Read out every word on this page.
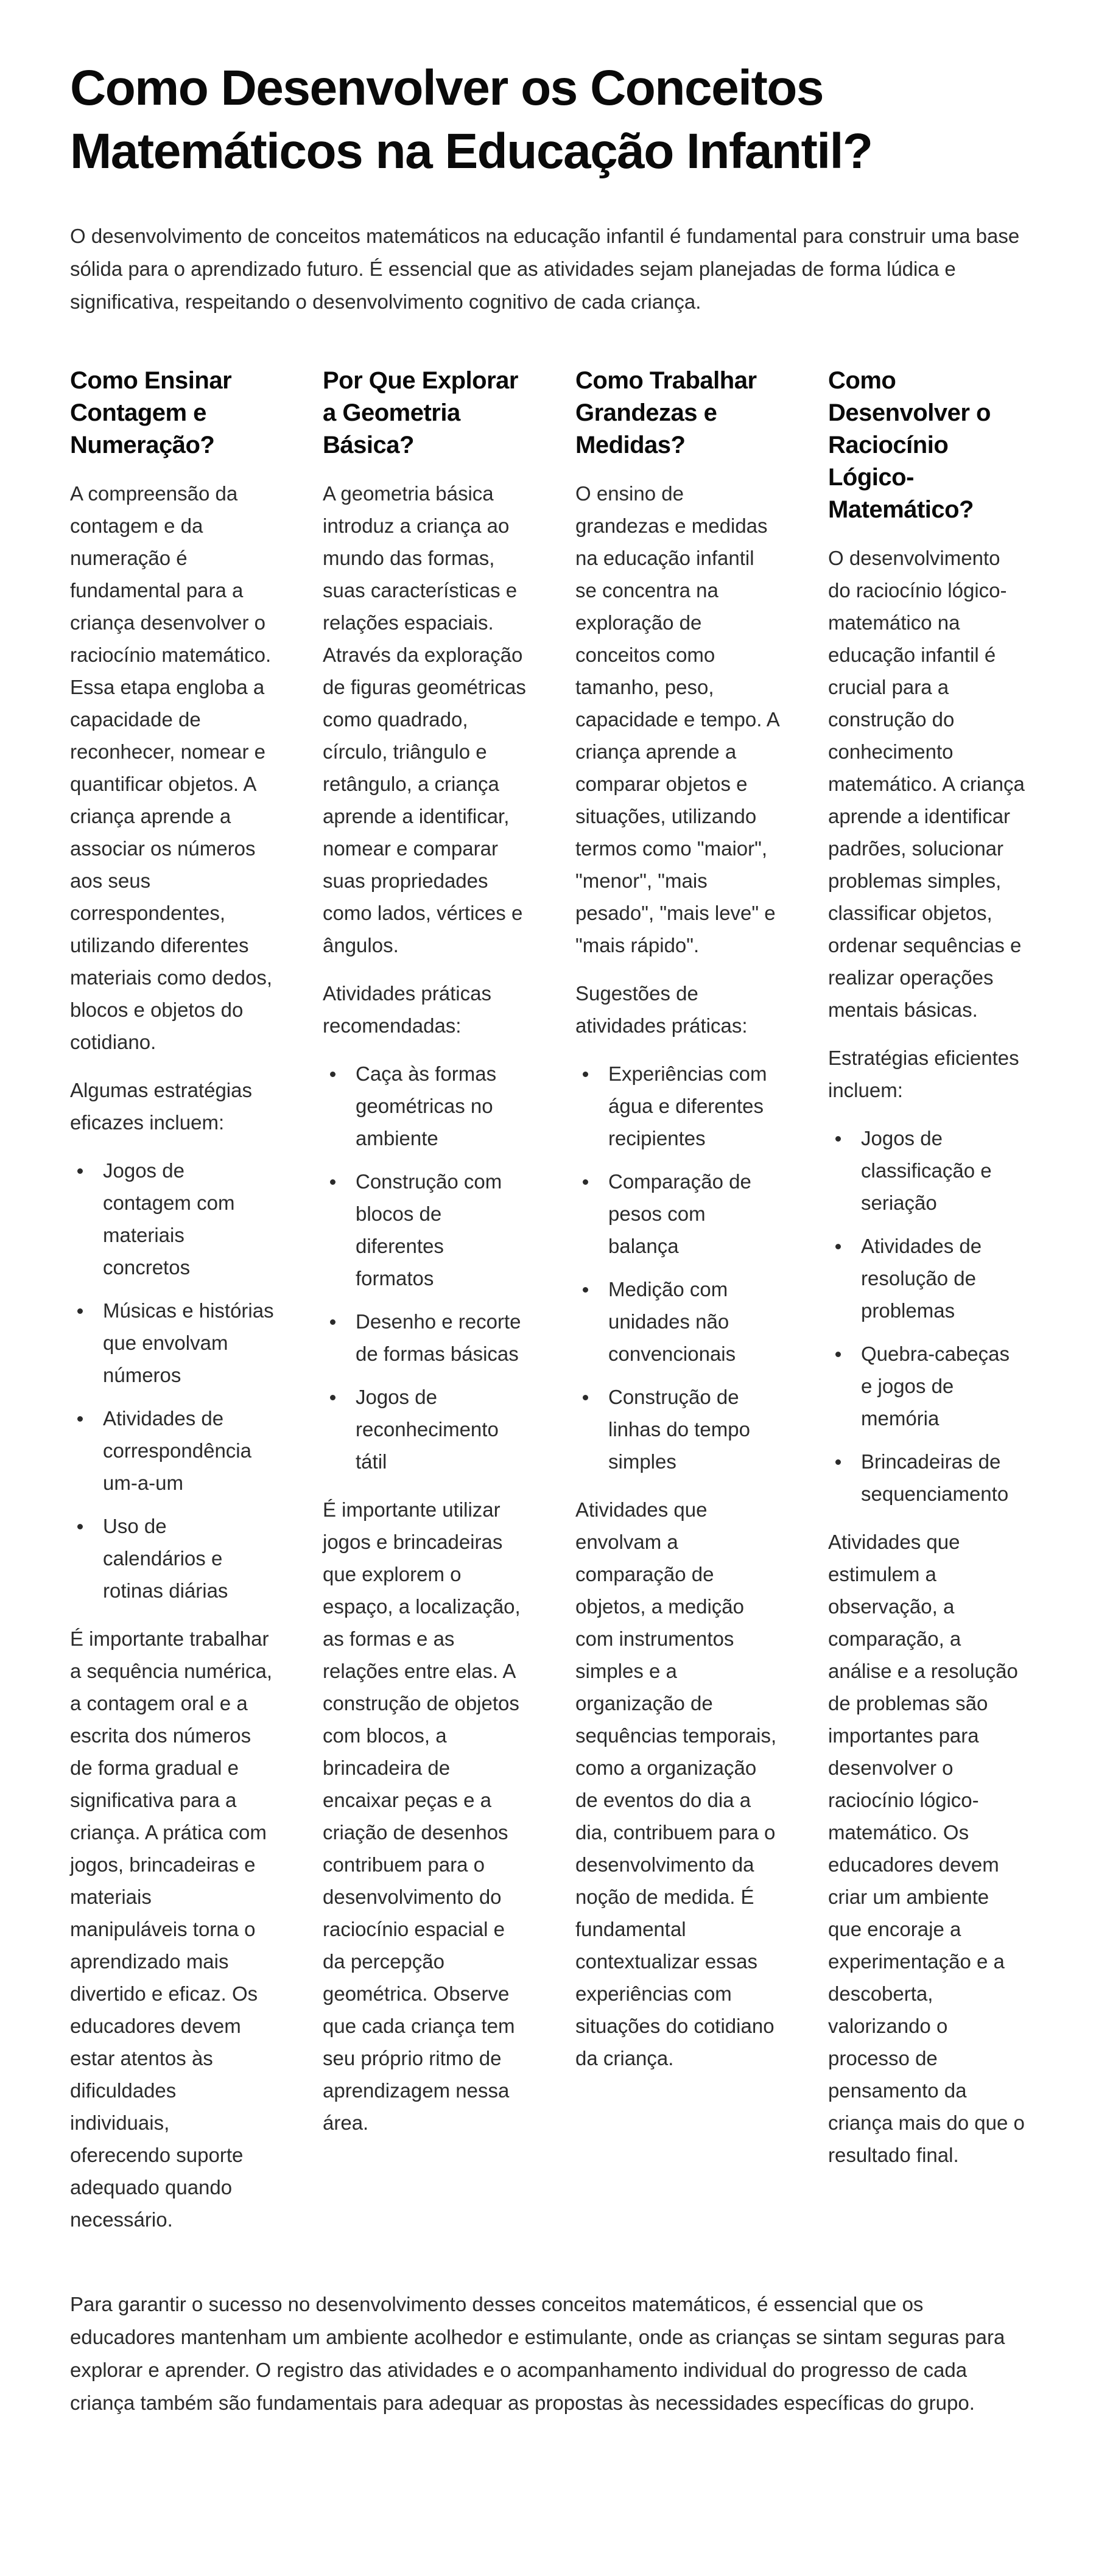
Como Desenvolver os Conceitos Matemáticos na Educação Infantil?

O desenvolvimento de conceitos matemáticos na educação infantil é fundamental para construir uma base sólida para o aprendizado futuro. É essencial que as atividades sejam planejadas de forma lúdica e significativa, respeitando o desenvolvimento cognitivo de cada criança.

Como Ensinar Contagem e Numeração?

A compreensão da contagem e da numeração é fundamental para a criança desenvolver o raciocínio matemático. Essa etapa engloba a capacidade de reconhecer, nomear e quantificar objetos. A criança aprende a associar os números aos seus correspondentes, utilizando diferentes materiais como dedos, blocos e objetos do cotidiano.

Algumas estratégias eficazes incluem:

Jogos de contagem com materiais concretos
Músicas e histórias que envolvam números
Atividades de correspondência um-a-um
Uso de calendários e rotinas diárias

É importante trabalhar a sequência numérica, a contagem oral e a escrita dos números de forma gradual e significativa para a criança. A prática com jogos, brincadeiras e materiais manipuláveis torna o aprendizado mais divertido e eficaz. Os educadores devem estar atentos às dificuldades individuais, oferecendo suporte adequado quando necessário.

Por Que Explorar a Geometria Básica?

A geometria básica introduz a criança ao mundo das formas, suas características e relações espaciais. Através da exploração de figuras geométricas como quadrado, círculo, triângulo e retângulo, a criança aprende a identificar, nomear e comparar suas propriedades como lados, vértices e ângulos.

Atividades práticas recomendadas:

Caça às formas geométricas no ambiente
Construção com blocos de diferentes formatos
Desenho e recorte de formas básicas
Jogos de reconhecimento tátil

É importante utilizar jogos e brincadeiras que explorem o espaço, a localização, as formas e as relações entre elas. A construção de objetos com blocos, a brincadeira de encaixar peças e a criação de desenhos contribuem para o desenvolvimento do raciocínio espacial e da percepção geométrica. Observe que cada criança tem seu próprio ritmo de aprendizagem nessa área.

Como Trabalhar Grandezas e Medidas?

O ensino de grandezas e medidas na educação infantil se concentra na exploração de conceitos como tamanho, peso, capacidade e tempo. A criança aprende a comparar objetos e situações, utilizando termos como "maior", "menor", "mais pesado", "mais leve" e "mais rápido".

Sugestões de atividades práticas:

Experiências com água e diferentes recipientes
Comparação de pesos com balança
Medição com unidades não convencionais
Construção de linhas do tempo simples

Atividades que envolvam a comparação de objetos, a medição com instrumentos simples e a organização de sequências temporais, como a organização de eventos do dia a dia, contribuem para o desenvolvimento da noção de medida. É fundamental contextualizar essas experiências com situações do cotidiano da criança.

Como Desenvolver o Raciocínio Lógico-Matemático?

O desenvolvimento do raciocínio lógico-matemático na educação infantil é crucial para a construção do conhecimento matemático. A criança aprende a identificar padrões, solucionar problemas simples, classificar objetos, ordenar sequências e realizar operações mentais básicas.

Estratégias eficientes incluem:

Jogos de classificação e seriação
Atividades de resolução de problemas
Quebra-cabeças e jogos de memória
Brincadeiras de sequenciamento

Atividades que estimulem a observação, a comparação, a análise e a resolução de problemas são importantes para desenvolver o raciocínio lógico-matemático. Os educadores devem criar um ambiente que encoraje a experimentação e a descoberta, valorizando o processo de pensamento da criança mais do que o resultado final.

Para garantir o sucesso no desenvolvimento desses conceitos matemáticos, é essencial que os educadores mantenham um ambiente acolhedor e estimulante, onde as crianças se sintam seguras para explorar e aprender. O registro das atividades e o acompanhamento individual do progresso de cada criança também são fundamentais para adequar as propostas às necessidades específicas do grupo.
